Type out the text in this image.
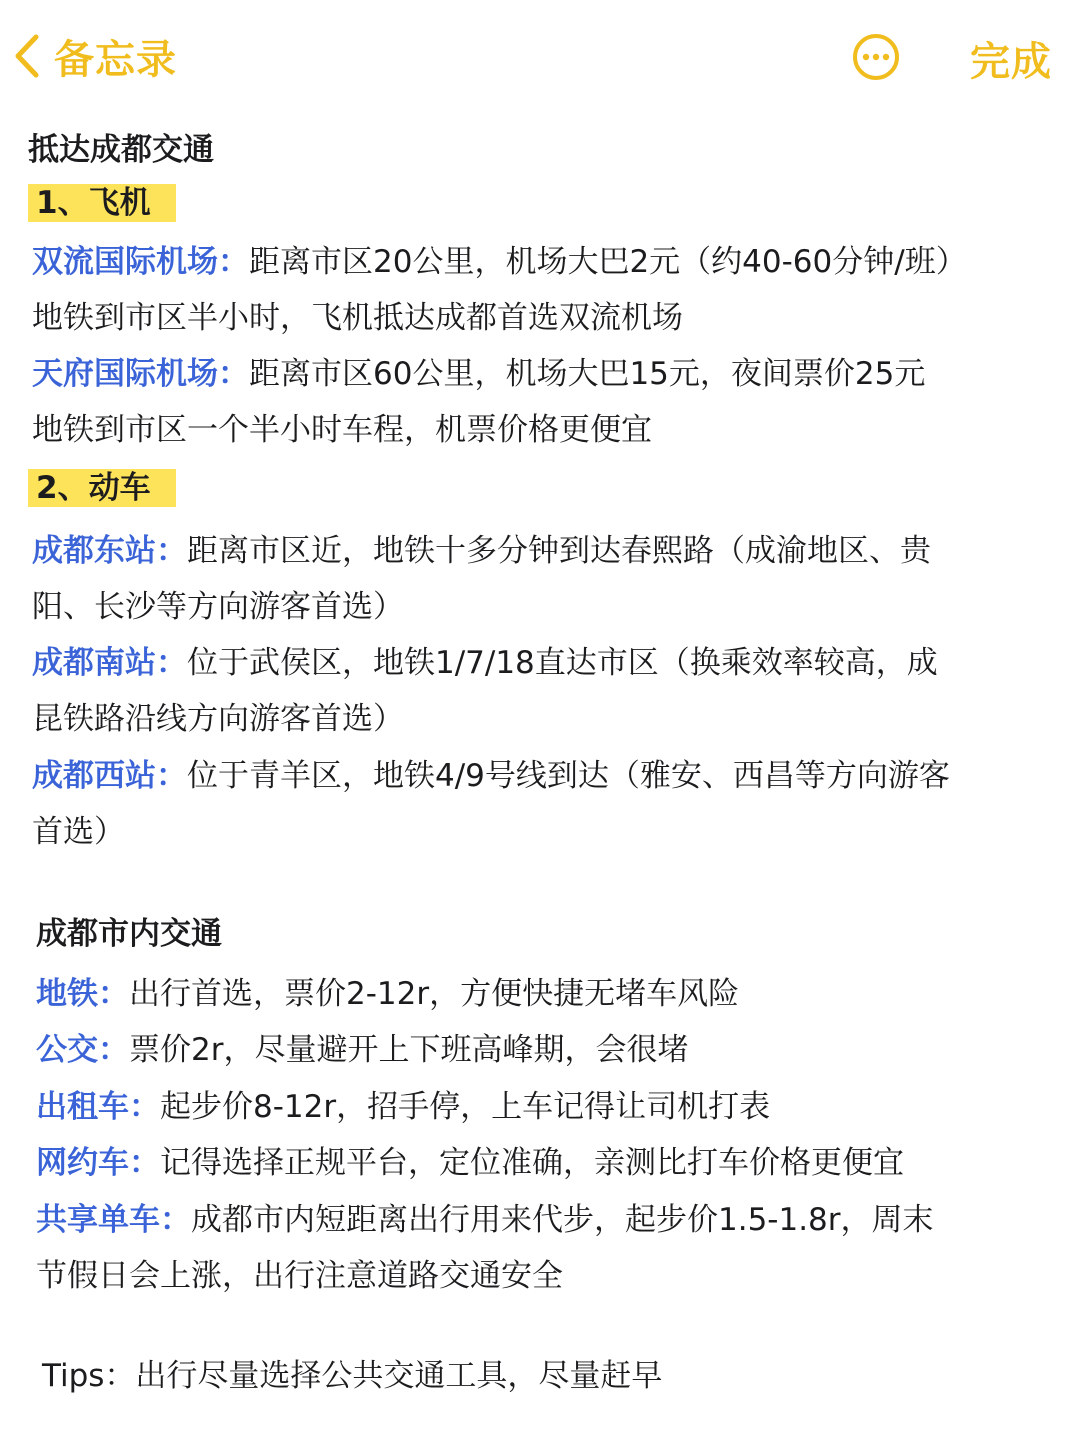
备忘录	完成
抵达成都交通
1、飞机
双流国际机场：距离市区20公里，机场大巴2元（约40-60分钟/班）
地铁到市区半小时，飞机抵达成都首选双流机场
天府国际机场：距离市区60公里，机场大巴15元，夜间票价25元
地铁到市区一个半小时车程，机票价格更便宜
2、动车
成都东站：距离市区近，地铁十多分钟到达春熙路（成渝地区、贵
阳、长沙等方向游客首选）
成都南站：位于武侯区，地铁1/7/18直达市区（换乘效率较高，成
昆铁路沿线方向游客首选）
成都西站：位于青羊区，地铁4/9号线到达（雅安、西昌等方向游客
首选）
成都市内交通
地铁：出行首选，票价2-12r，方便快捷无堵车风险
公交：票价2r，尽量避开上下班高峰期，会很堵
出租车：起步价8-12r，招手停，上车记得让司机打表
网约车：记得选择正规平台，定位准确，亲测比打车价格更便宜
共享单车：成都市内短距离出行用来代步，起步价1.5-1.8r，周末
节假日会上涨，出行注意道路交通安全
Tips：出行尽量选择公共交通工具，尽量赶早
